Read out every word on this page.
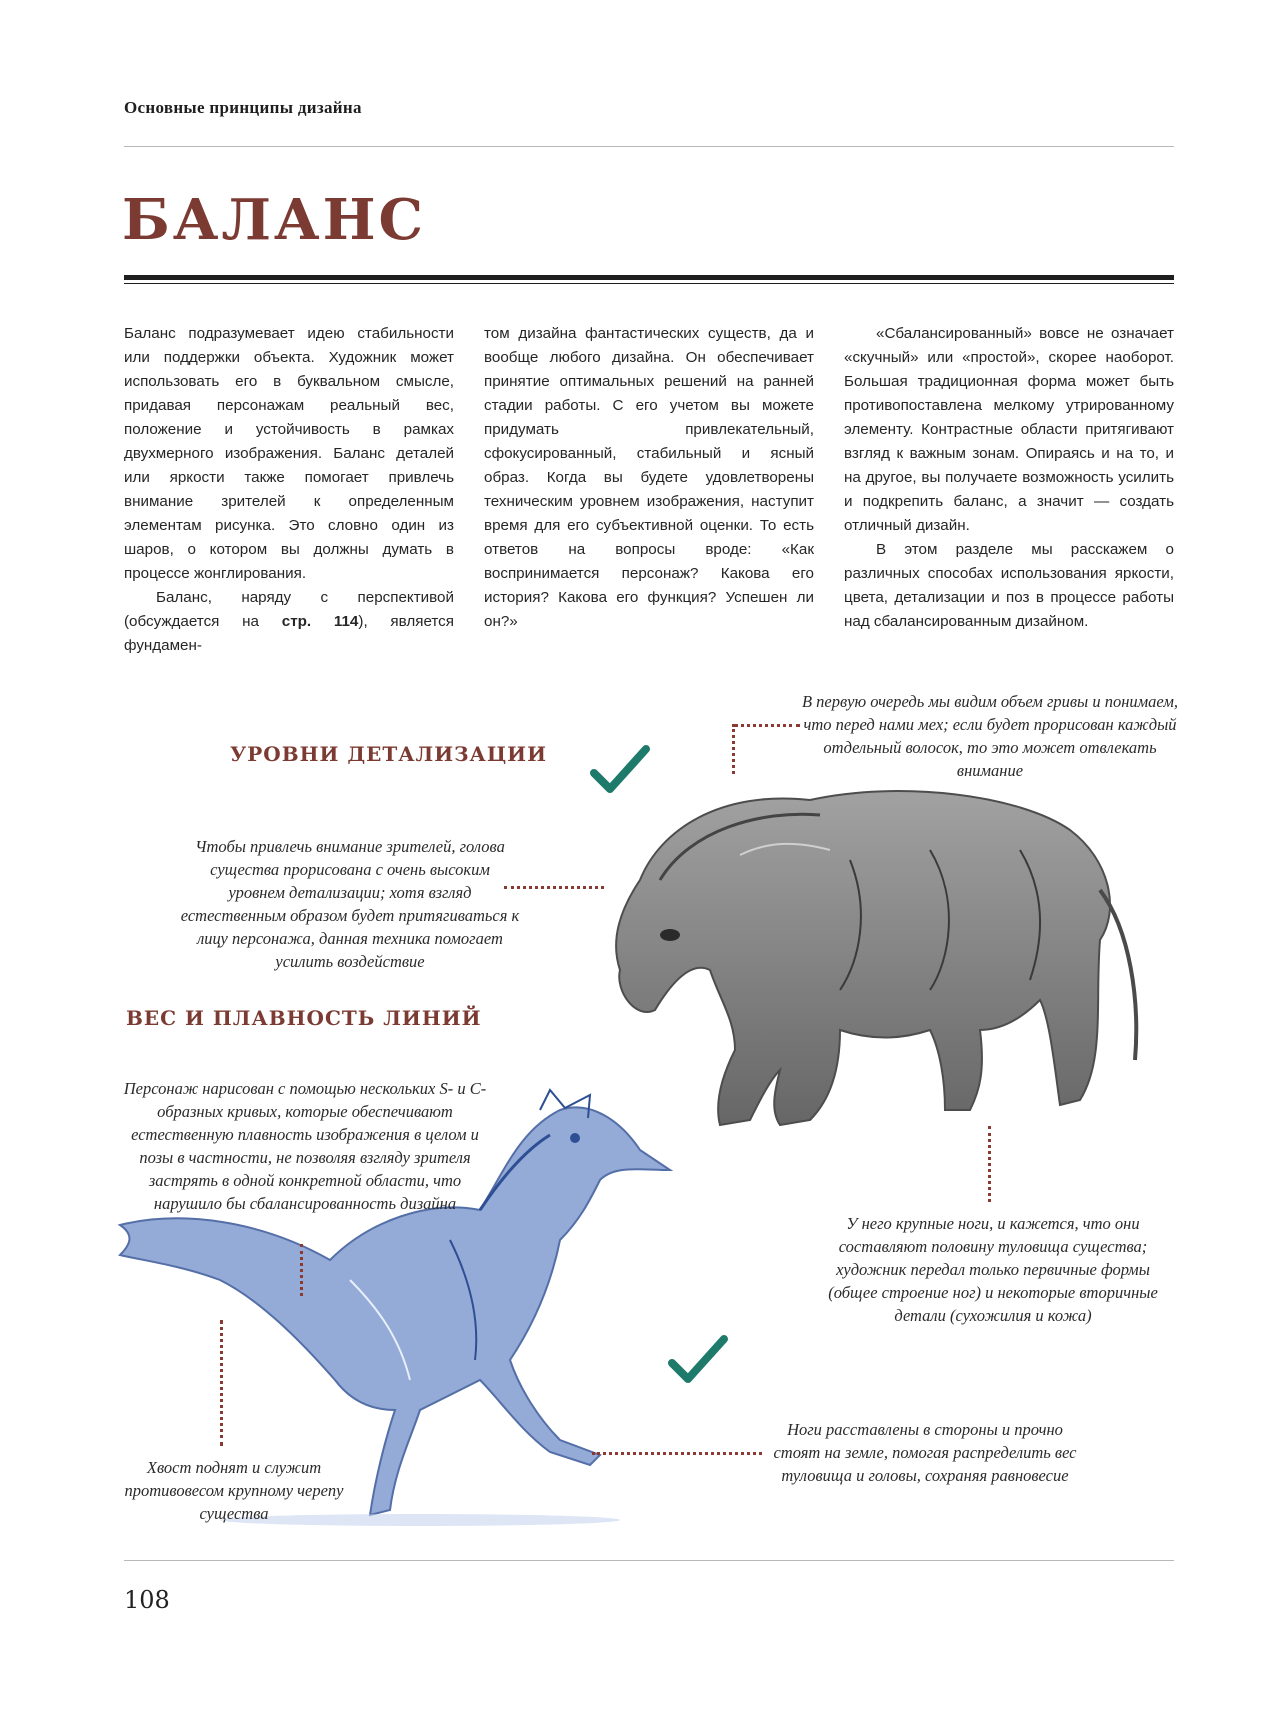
Основные принципы дизайна
БАЛАНС

Баланс подразумевает идею стабильности или поддержки объекта. Художник может использовать его в буквальном смысле, придавая персонажам реальный вес, положение и устойчивость в рамках двухмерного изображения. Баланс деталей или яркости также помогает привлечь внимание зрителей к определенным элементам рисунка. Это словно один из шаров, о котором вы должны думать в процессе жонглирования.

Баланс, наряду с перспективой (обсуждается на стр. 114), является фундамен-

том дизайна фантастических существ, да и вообще любого дизайна. Он обеспечивает принятие оптимальных решений на ранней стадии работы. С его учетом вы можете придумать привлекательный, сфокусированный, стабильный и ясный образ. Когда вы будете удовлетворены техническим уровнем изображения, наступит время для его субъективной оценки. То есть ответов на вопросы вроде: «Как воспринимается персонаж? Какова его история? Какова его функция? Успешен ли он?»

«Сбалансированный» вовсе не означает «скучный» или «простой», скорее наоборот. Большая традиционная форма может быть противопоставлена мелкому утрированному элементу. Контрастные области притягивают взгляд к важным зонам. Опираясь и на то, и на другое, вы получаете возможность усилить и подкрепить баланс, а значит — создать отличный дизайн.

В этом разделе мы расскажем о различных способах использования яркости, цвета, детализации и поз в процессе работы над сбалансированным дизайном.

УРОВНИ ДЕТАЛИЗАЦИИ
ВЕС И ПЛАВНОСТЬ ЛИНИЙ
В первую очередь мы видим объем гривы и понимаем, что перед нами мех; если будет прорисован каждый отдельный волосок, то это может отвлекать внимание
Чтобы привлечь внимание зрителей, голова существа прорисована с очень высоким уровнем детализации; хотя взгляд естественным образом будет притягиваться к лицу персонажа, данная техника помогает усилить воздействие
Персонаж нарисован с помощью нескольких S- и С-образных кривых, которые обеспечивают естественную плавность изображения в целом и позы в частности, не позволяя взгляду зрителя застрять в одной конкретной области, что нарушило бы сбалансированность дизайна
У него крупные ноги, и кажется, что они составляют половину туловища существа; художник передал только первичные формы (общее строение ног) и некоторые вторичные детали (сухожилия и кожа)
Хвост поднят и служит противовесом крупному черепу существа
Ноги расставлены в стороны и прочно стоят на земле, помогая распределить вес туловища и головы, сохраняя равновесие
108
